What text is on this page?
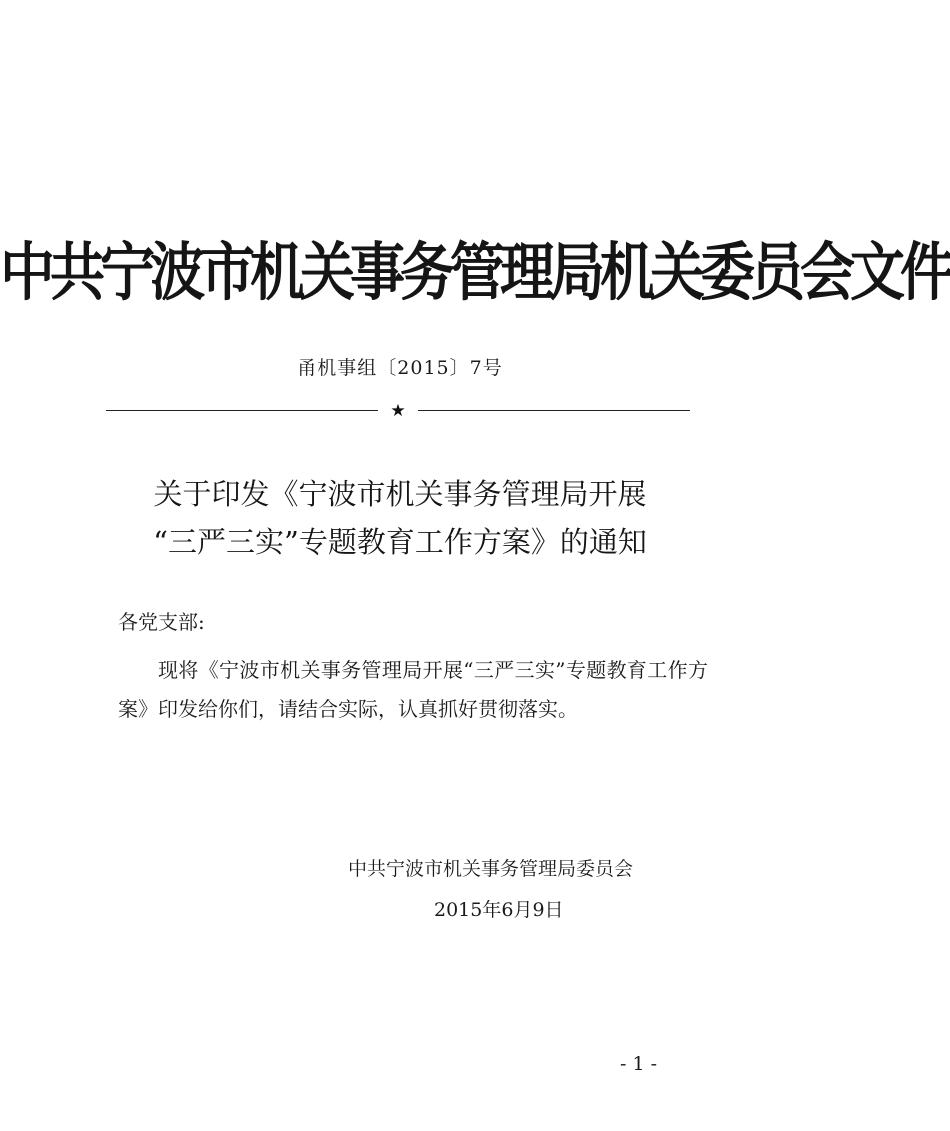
中共宁波市机关事务管理局机关委员会文件
甬机事组〔2015〕7号
★
关于印发《宁波市机关事务管理局开展
“三严三实”专题教育工作方案》的通知
各党支部:
现将《宁波市机关事务管理局开展“三严三实”专题教育工作方案》印发给你们，请结合实际，认真抓好贯彻落实。
中共宁波市机关事务管理局委员会
2015年6月9日
- 1 -
